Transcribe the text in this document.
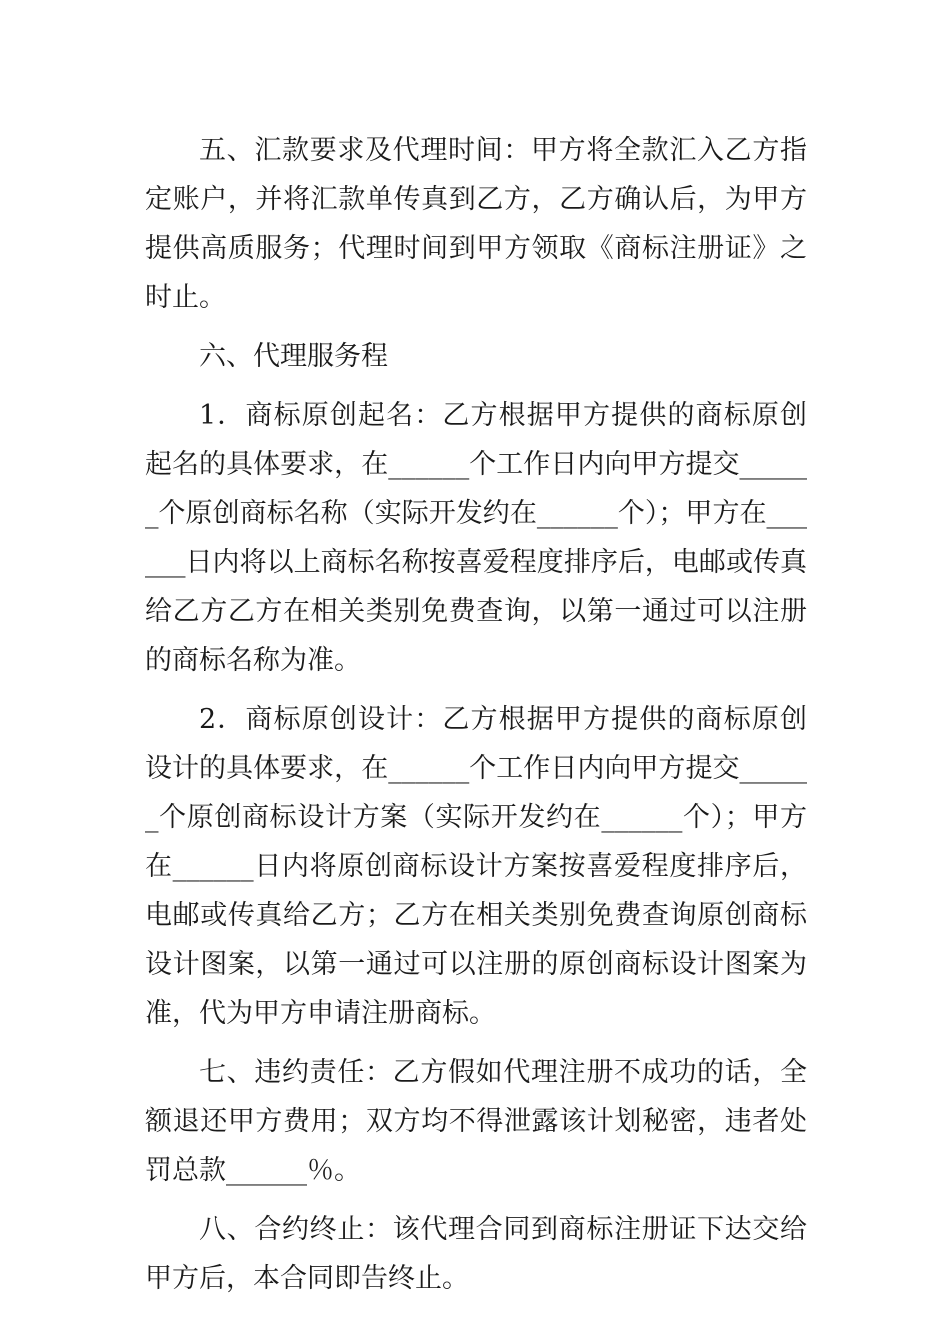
五、汇款要求及代理时间：甲方将全款汇入乙方指定账户，并将汇款单传真到乙方，乙方确认后，为甲方提供高质服务；代理时间到甲方领取《商标注册证》之时止。

六、代理服务程

1．商标原创起名：乙方根据甲方提供的商标原创起名的具体要求，在______个工作日内向甲方提交______个原创商标名称（实际开发约在______个）；甲方在______日内将以上商标名称按喜爱程度排序后，电邮或传真给乙方乙方在相关类别免费查询，以第一通过可以注册的商标名称为准。

2．商标原创设计：乙方根据甲方提供的商标原创设计的具体要求，在______个工作日内向甲方提交______个原创商标设计方案（实际开发约在______个）；甲方在______日内将原创商标设计方案按喜爱程度排序后，电邮或传真给乙方；乙方在相关类别免费查询原创商标设计图案，以第一通过可以注册的原创商标设计图案为准，代为甲方申请注册商标。

七、违约责任：乙方假如代理注册不成功的话，全额退还甲方费用；双方均不得泄露该计划秘密，违者处罚总款______％。

八、合约终止：该代理合同到商标注册证下达交给甲方后，本合同即告终止。
